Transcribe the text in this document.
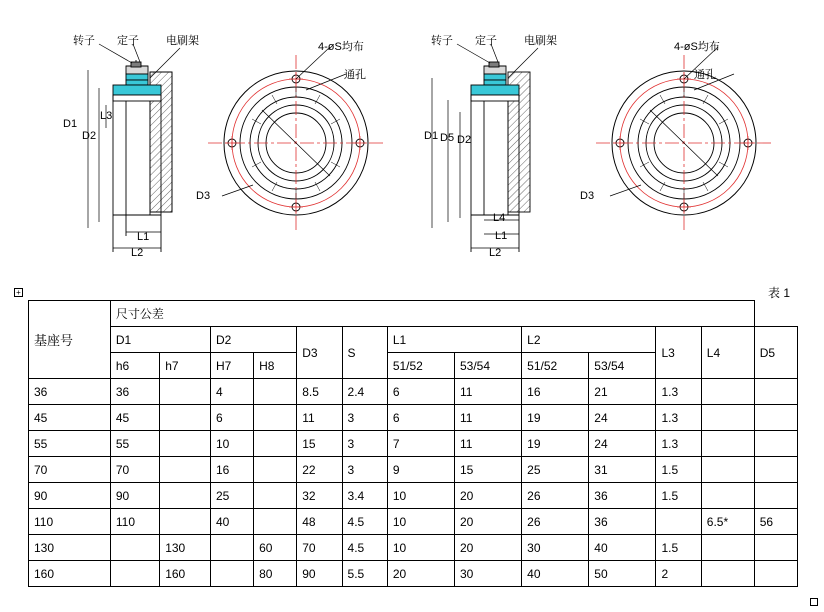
转子 定子 电刷架
D1
D2
L3
L1
L2
4-øS均布
通孔
D3
转子 定子 电刷架
D1 D5 D2
L4
L1
L2
4-øS均布
通孔
D3
+	表 1
基座号	尺寸公差												
	D1		D2		D3	S	L1		L2		L3	L4	D5
	h6	h7	H7	H8			51/52	53/54	51/52	53/54			
36	36		4		8.5	2.4	6	11	16	21	1.3		
45	45		6		11	3	6	11	19	24	1.3		
55	55		10		15	3	7	11	19	24	1.3		
70	70		16		22	3	9	15	25	31	1.5		
90	90		25		32	3.4	10	20	26	36	1.5		
110	110		40		48	4.5	10	20	26	36		6.5*	56
130		130		60	70	4.5	10	20	30	40	1.5		
160		160		80	90	5.5	20	30	40	50	2		
